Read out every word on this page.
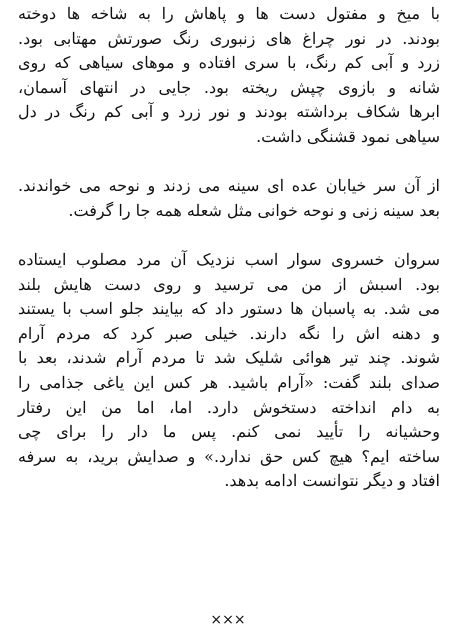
با میخ و مفتول دست ها و پاهاش را به شاخه ها دوخته
بودند. در نور چراغ های زنبوری رنگ صورتش مهتابی بود.
زرد و آبی کم رنگ، با سری افتاده و موهای سیاهی که روی
شانه و بازوی چپش ریخته بود. جایی در انتهای آسمان،
ابرها شکاف برداشته بودند و نور زرد و آبی کم رنگ در دل
سیاهی نمود قشنگی داشت.

از آن سر خیابان عده ای سینه می زدند و نوحه می خواندند.
بعد سینه زنی و نوحه خوانی مثل شعله همه جا را گرفت.

سروان خسروی سوار اسب نزدیک آن مرد مصلوب ایستاده
بود. اسبش از من می ترسید و روی دست هایش بلند
می شد. به پاسبان ها دستور داد که بیایند جلو اسب با یستند
و دهنه اش را نگه دارند. خیلی صبر کرد که مردم آرام
شوند. چند تیر هوائی شلیک شد تا مردم آرام شدند، بعد با
صدای بلند گفت: «آرام باشید. هر کس این یاغی جذامی را
به دام انداخته دستخوش دارد. اما، اما من این رفتار
وحشیانه را تأیید نمی کنم. پس ما دار را برای چی
ساخته ایم؟ هیچ کس حق ندارد.» و صدایش برید، به سرفه
افتاد و دیگر نتوانست ادامه بدهد.

×××
